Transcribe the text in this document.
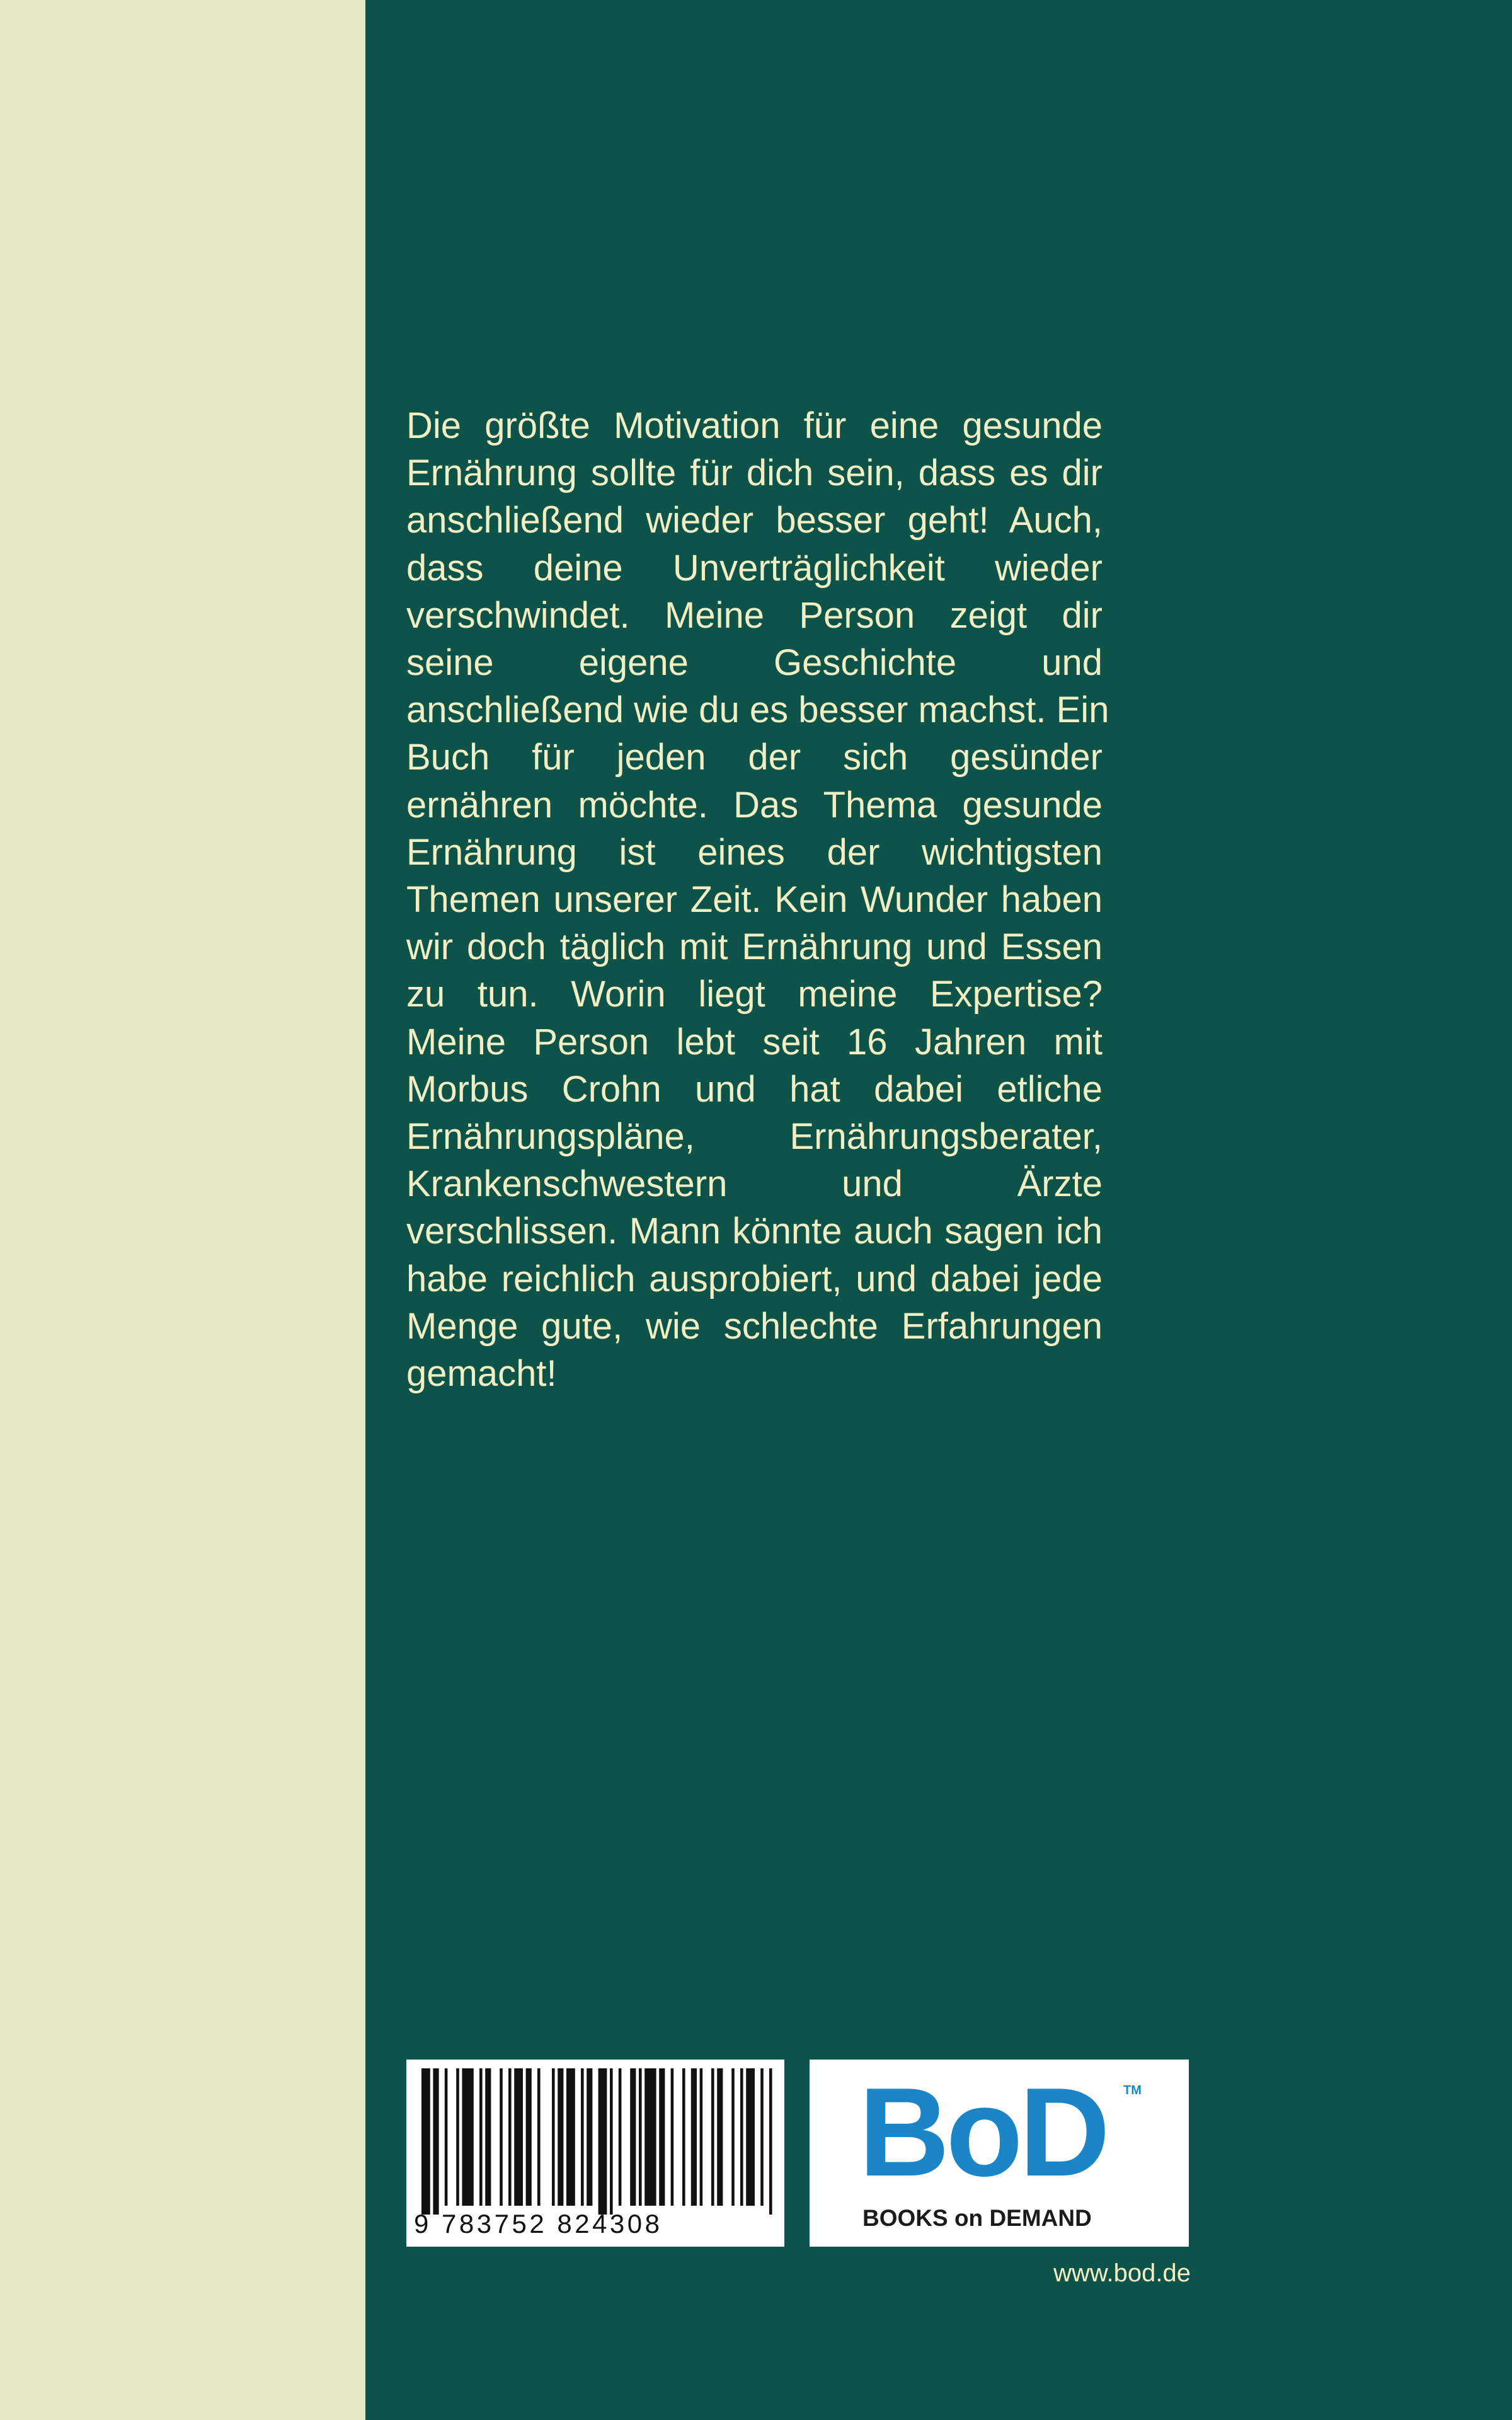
Die größte Motivation für eine gesunde
Ernährung sollte für dich sein, dass es dir
anschließend wieder besser geht! Auch,
dass deine Unverträglichkeit wieder
verschwindet. Meine Person zeigt dir
seine eigene Geschichte und
anschließend wie du es besser machst. Ein
Buch für jeden der sich gesünder
ernähren möchte. Das Thema gesunde
Ernährung ist eines der wichtigsten
Themen unserer Zeit. Kein Wunder haben
wir doch täglich mit Ernährung und Essen
zu tun. Worin liegt meine Expertise?
Meine Person lebt seit 16 Jahren mit
Morbus Crohn und hat dabei etliche
Ernährungspläne, Ernährungsberater,
Krankenschwestern und Ärzte
verschlissen. Mann könnte auch sagen ich
habe reichlich ausprobiert, und dabei jede
Menge gute, wie schlechte Erfahrungen
gemacht!

9 783752 824308
BoD TM
BOOKS on DEMAND
www.bod.de
